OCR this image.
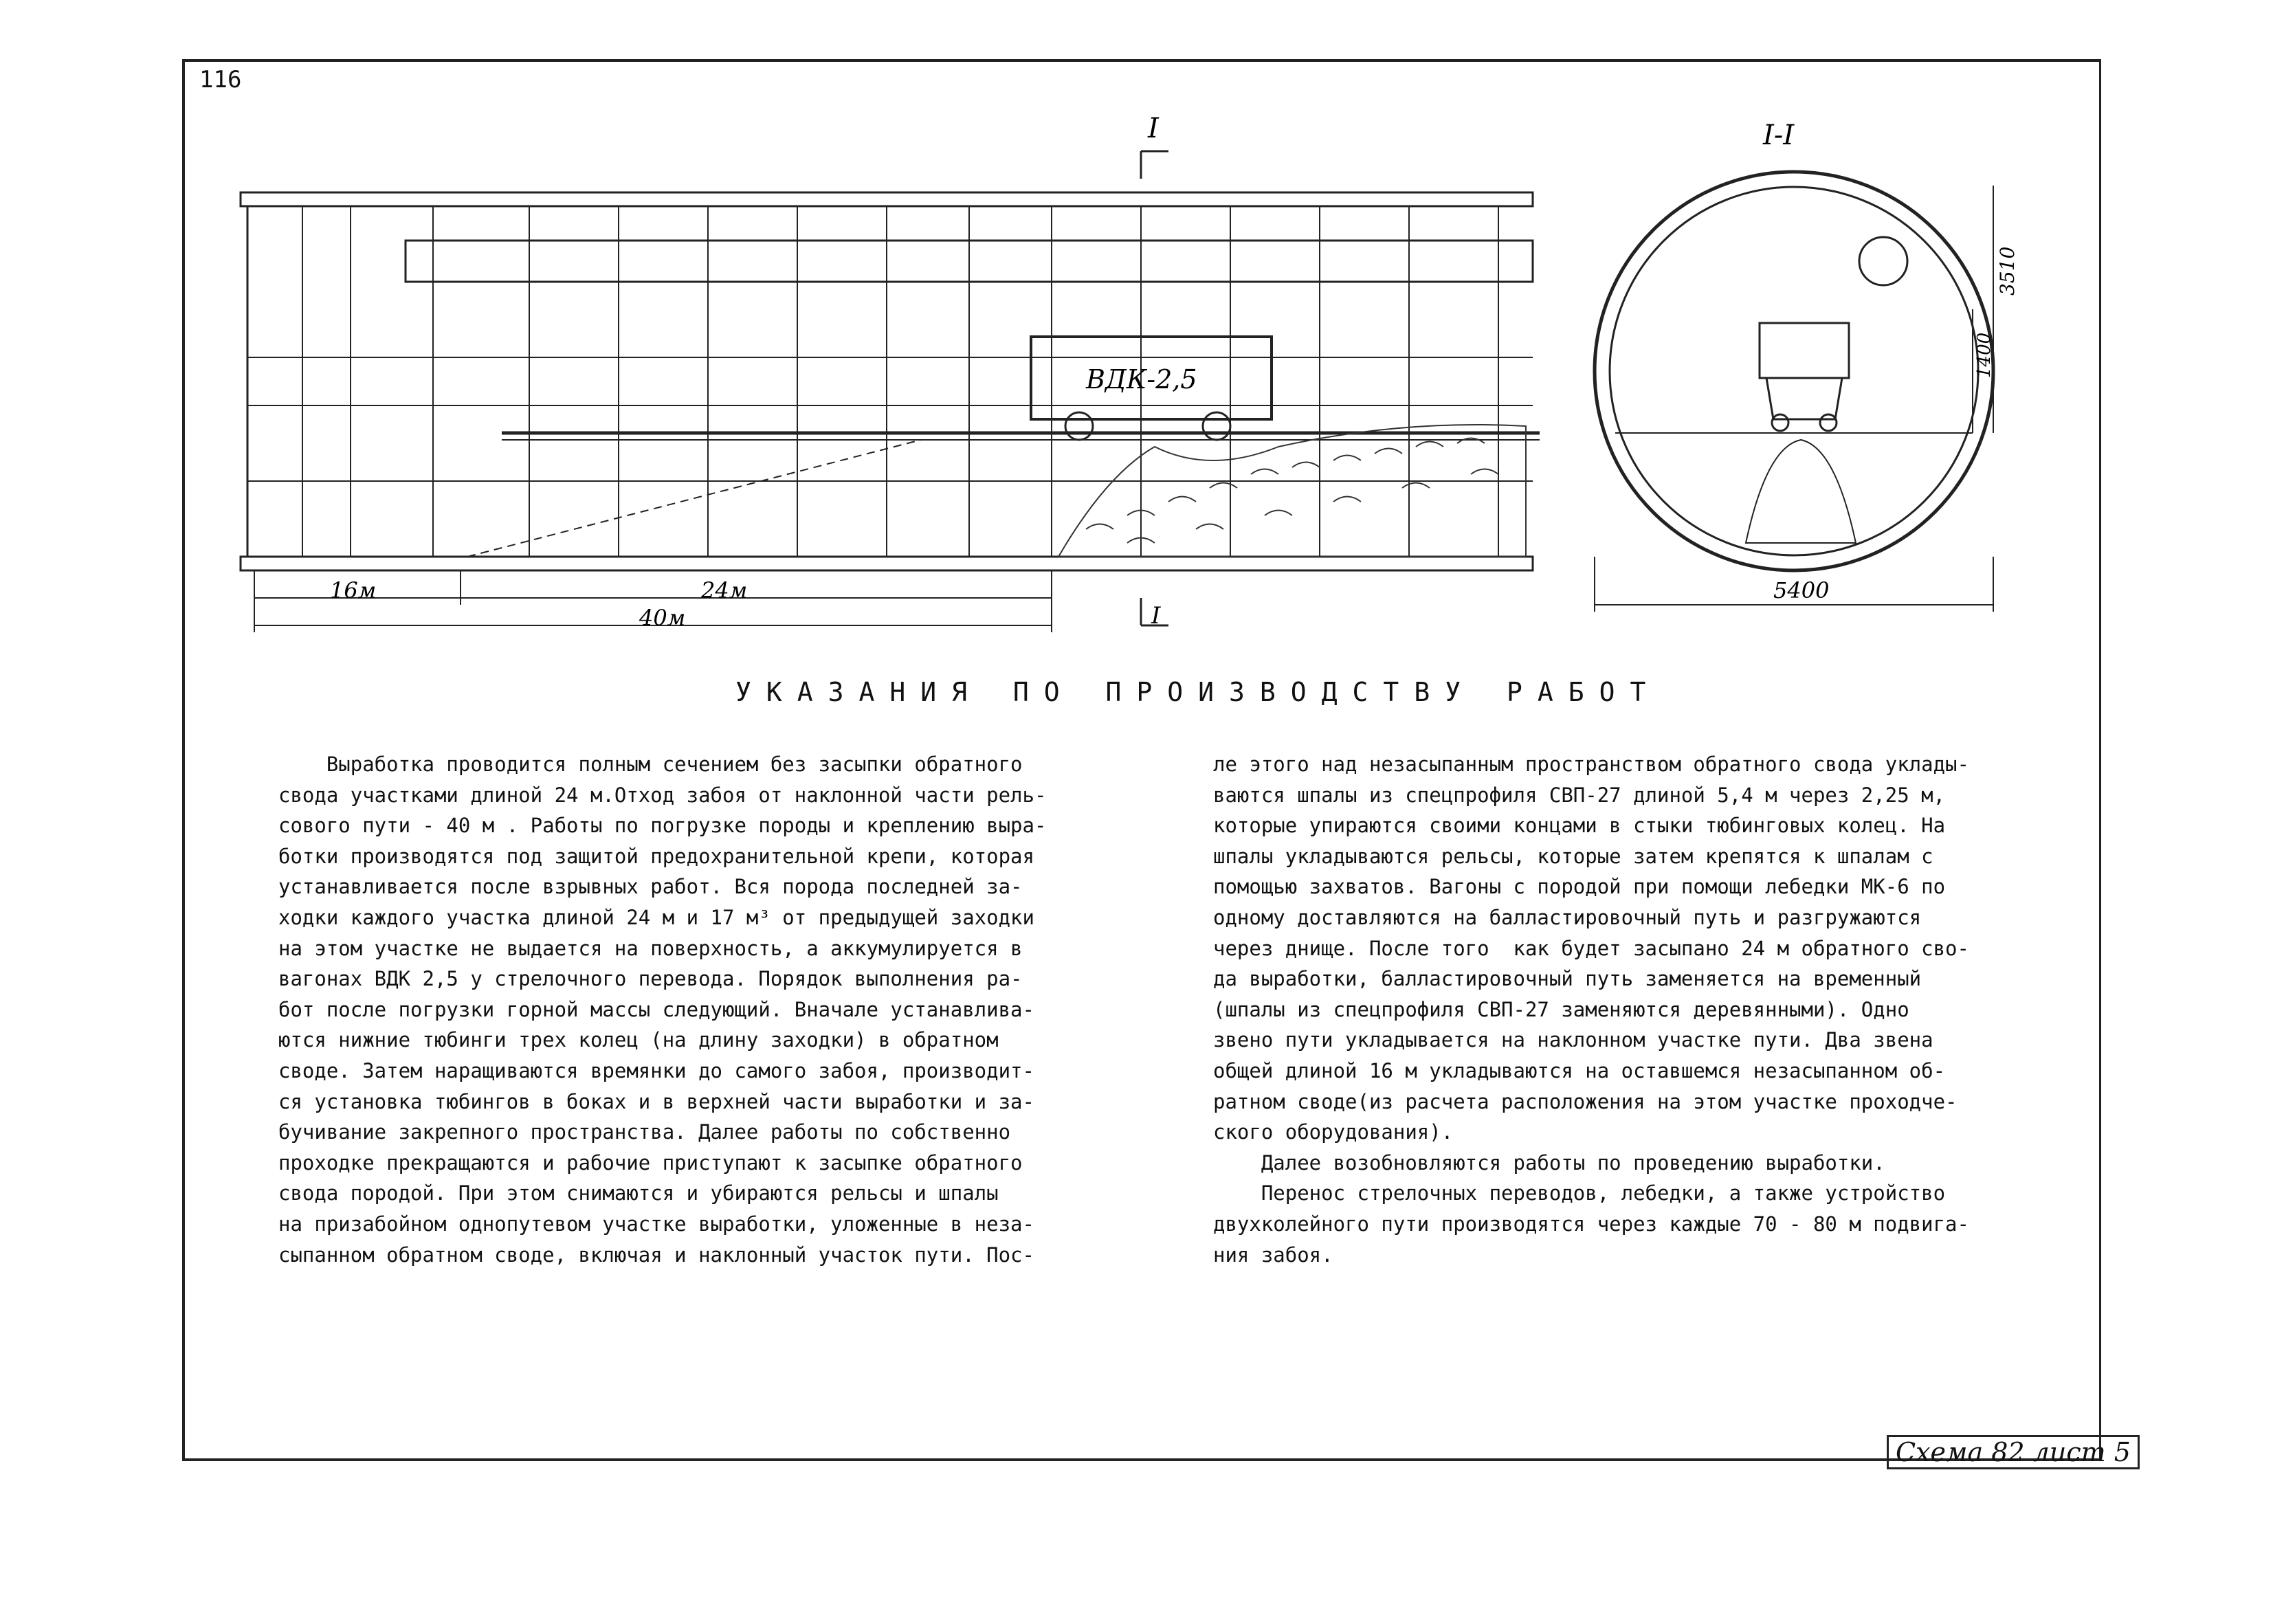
116
ВДК-2,5
I
I
16м	24м
40м
I-I
3510
1400
5400
УКАЗАНИЯ ПО ПРОИЗВОДСТВУ РАБОТ
Выработка проводится полным сечением без засыпки обратного
свода участками длиной 24 м.Отход забоя от наклонной части рель-
сового пути - 40 м . Работы по погрузке породы и креплению выра-
ботки производятся под защитой предохранительной крепи, которая
устанавливается после взрывных работ. Вся порода последней за-
ходки каждого участка длиной 24 м и 17 м³ от предыдущей заходки
на этом участке не выдается на поверхность, а аккумулируется в
вагонах ВДК 2,5 у стрелочного перевода. Порядок выполнения ра-
бот после погрузки горной массы следующий. Вначале устанавлива-
ются нижние тюбинги трех колец (на длину заходки) в обратном
своде. Затем наращиваются времянки до самого забоя, производит-
ся установка тюбингов в боках и в верхней части выработки и за-
бучивание закрепного пространства. Далее работы по собственно
проходке прекращаются и рабочие приступают к засыпке обратного
свода породой. При этом снимаются и убираются рельсы и шпалы
на призабойном однопутевом участке выработки, уложенные в неза-
сыпанном обратном своде, включая и наклонный участок пути. Пос-
ле этого над незасыпанным пространством обратного свода уклады-
ваются шпалы из спецпрофиля СВП-27 длиной 5,4 м через 2,25 м,
которые упираются своими концами в стыки тюбинговых колец. На
шпалы укладываются рельсы, которые затем крепятся к шпалам с
помощью захватов. Вагоны с породой при помощи лебедки МК-6 по
одному доставляются на балластировочный путь и разгружаются
через днище. После того  как будет засыпано 24 м обратного сво-
да выработки, балластировочный путь заменяется на временный
(шпалы из спецпрофиля СВП-27 заменяются деревянными). Одно
звено пути укладывается на наклонном участке пути. Два звена
общей длиной 16 м укладываются на оставшемся незасыпанном об-
ратном своде(из расчета расположения на этом участке проходче-
ского оборудования).
Далее возобновляются работы по проведению выработки.
Перенос стрелочных переводов, лебедки, а также устройство
двухколейного пути производятся через каждые 70 - 80 м подвига-
ния забоя.
Схема 82 лист 5
